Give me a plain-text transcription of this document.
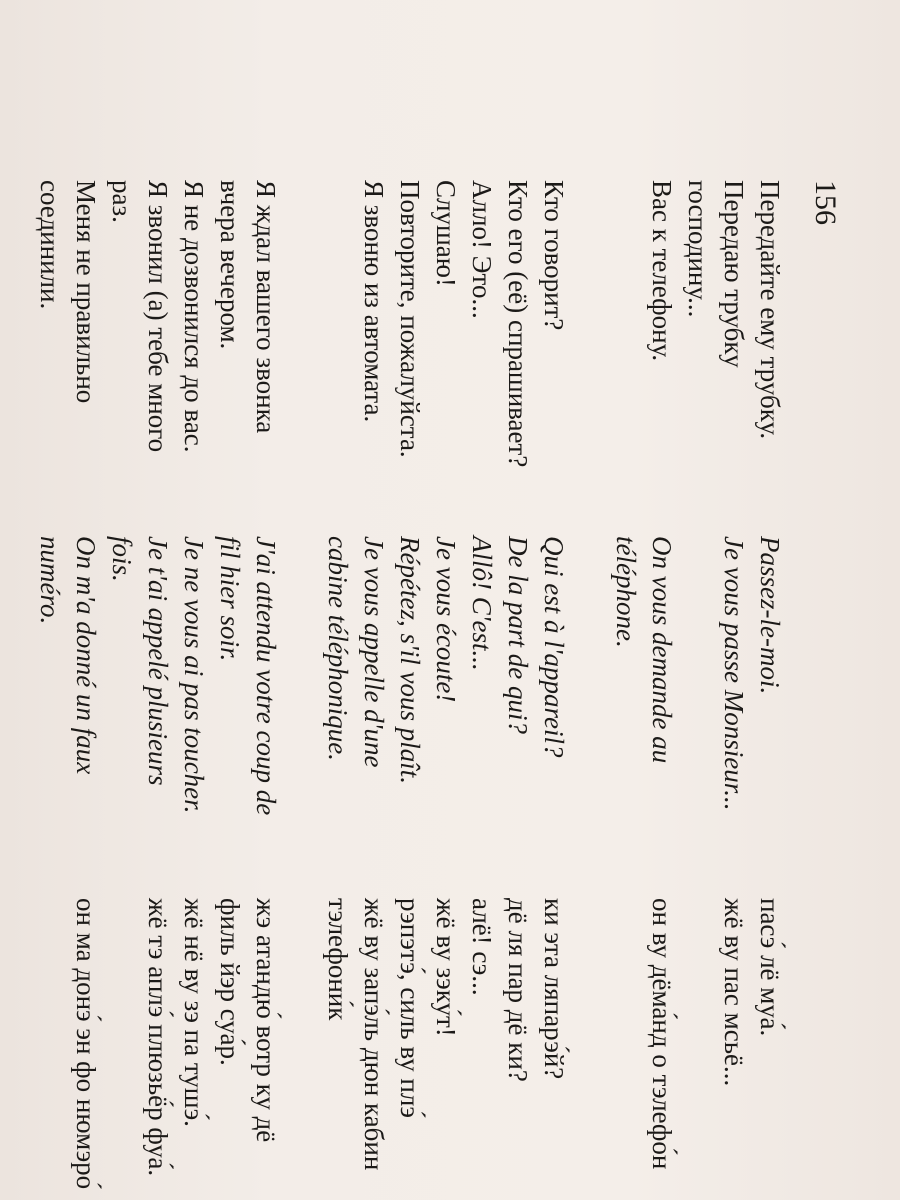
156
Передайте ему трубку.
Passez-le-moi.
пасэ́ лё муа́.
Передаю трубку
господину...
Je vous passe Monsieur...
жё ву пас мсьё...
Вас к телефону.
On vous demande au
téléphone.
он ву дёма́нд о тэлефо́н
Кто говорит?
Qui est à l'appareil?
ки эта ляпарэ́й?
Кто его (её) спрашивает?
De la part de qui?
дё ля пар дё ки?
Алло! Это...
Allô! C'est...
алё! сэ...
Слушаю!
Je vous écoute!
жё ву зэку́т!
Повторите, пожалуйста.
Répétez, s'il vous plaît.
рэпэтэ́, силь ву плэ́
Я звоню из автомата.
Je vous appelle d'une
cabine téléphonique.
жё ву запэ́ль дюн кабин
тэлефони́к
Я ждал вашего звонка
вчера вечером.
J'ai attendu votre coup de
fil hier soir.
жэ атандю́ вотр ку дё
филь йэр суа́р.
Я не дозвонился до вас.
Je ne vous ai pas toucher.
жё нё ву зэ па тушэ́.
Я звонил (а) тебе много
раз.
Je t'ai appelé plusieurs
fois.
жё тэ аплэ́ плюзьё́р фуа́.
Меня не правильно
соединили.
On m'a donné un faux
numéro.
он ма донэ́ эн фо нюмэро́
